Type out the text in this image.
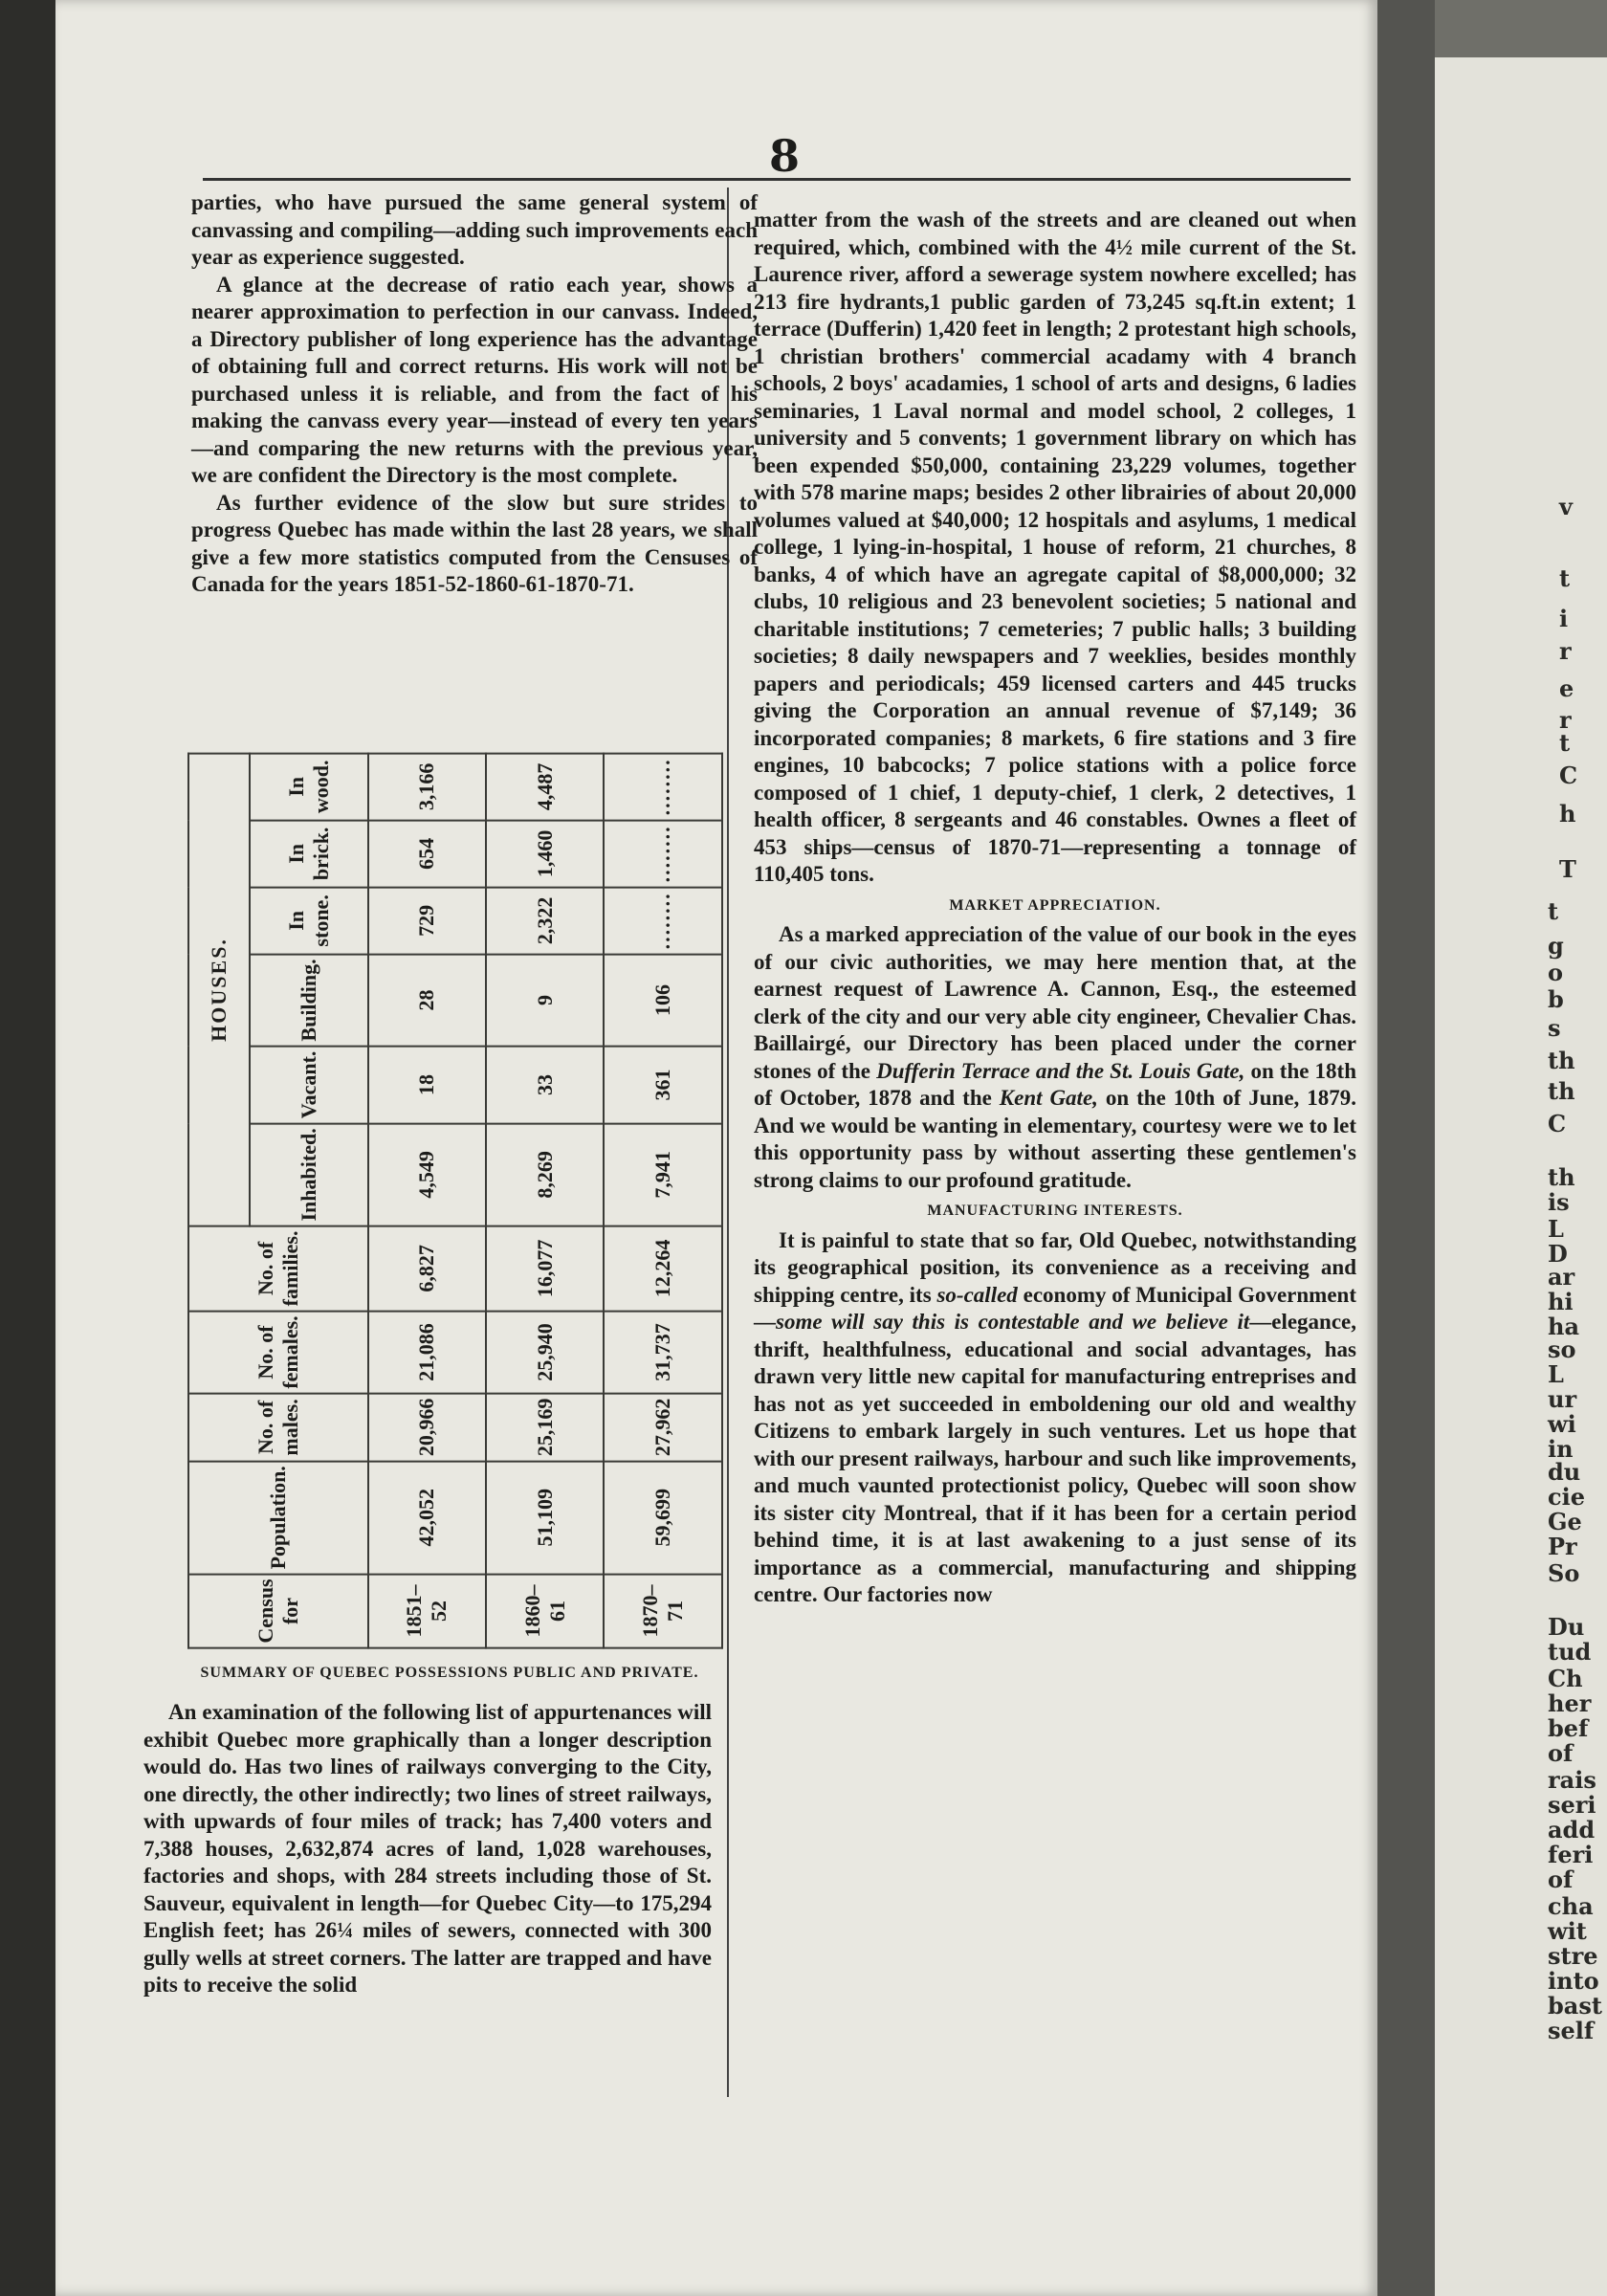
8

parties, who have pursued the same general system of canvassing and compiling—adding such improvements each year as experience suggested.

A glance at the decrease of ratio each year, shows a nearer approximation to perfection in our canvass. Indeed, a Directory publisher of long experience has the advantage of obtaining full and correct returns. His work will not be purchased unless it is reliable, and from the fact of his making the canvass every year—instead of every ten years—and comparing the new returns with the previous year, we are confident the Directory is the most complete.

As further evidence of the slow but sure strides to progress Quebec has made within the last 28 years, we shall give a few more statistics computed from the Censuses of Canada for the years 1851-52-1860-61-1870-71.

Census for	Population.	No. of males.	No. of females.	No. of families.	HOUSES.					
					Inhabited.	Vacant.	Building.	In stone.	In brick.	In wood.
1851–52	42,052	20,966	21,086	6,827	4,549	18	28	729	654	3,166
1860–61	51,109	25,169	25,940	16,077	8,269	33	9	2,322	1,460	4,487
1870–71	59,699	27,962	31,737	12,264	7,941	361	106	........	........	........
SUMMARY OF QUEBEC POSSESSIONS PUBLIC AND PRIVATE.

An examination of the following list of appurtenances will exhibit Quebec more graphically than a longer description would do. Has two lines of railways converging to the City, one directly, the other indirectly; two lines of street railways, with upwards of four miles of track; has 7,400 voters and 7,388 houses, 2,632,874 acres of land, 1,028 warehouses, factories and shops, with 284 streets including those of St. Sauveur, equivalent in length—for Quebec City—to 175,294 English feet; has 26¼ miles of sewers, connected with 300 gully wells at street corners. The latter are trapped and have pits to receive the solid

matter from the wash of the streets and are cleaned out when required, which, combined with the 4½ mile current of the St. Laurence river, afford a sewerage system nowhere excelled; has 213 fire hydrants,1 public garden of 73,245 sq.ft.in extent; 1 terrace (Dufferin) 1,420 feet in length; 2 protestant high schools, 1 christian brothers' commercial acadamy with 4 branch schools, 2 boys' acadamies, 1 school of arts and designs, 6 ladies seminaries, 1 Laval normal and model school, 2 colleges, 1 university and 5 convents; 1 government library on which has been expended $50,000, containing 23,229 volumes, together with 578 marine maps; besides 2 other librairies of about 20,000 volumes valued at $40,000; 12 hospitals and asylums, 1 medical college, 1 lying-in-hospital, 1 house of reform, 21 churches, 8 banks, 4 of which have an agregate capital of $8,000,000; 32 clubs, 10 religious and 23 benevolent societies; 5 national and charitable institutions; 7 cemeteries; 7 public halls; 3 building societies; 8 daily newspapers and 7 weeklies, besides monthly papers and periodicals; 459 licensed carters and 445 trucks giving the Corporation an annual revenue of $7,149; 36 incorporated companies; 8 markets, 6 fire stations and 3 fire engines, 10 babcocks; 7 police stations with a police force composed of 1 chief, 1 deputy-chief, 1 clerk, 2 detectives, 1 health officer, 8 sergeants and 46 constables. Ownes a fleet of 453 ships—census of 1870-71—representing a tonnage of 110,405 tons.

MARKET APPRECIATION.

As a marked appreciation of the value of our book in the eyes of our civic authorities, we may here mention that, at the earnest request of Lawrence A. Cannon, Esq., the esteemed clerk of the city and our very able city engineer, Chevalier Chas. Baillairgé, our Directory has been placed under the corner stones of the Dufferin Terrace and the St. Louis Gate, on the 18th of October, 1878 and the Kent Gate, on the 10th of June, 1879. And we would be wanting in elementary, courtesy were we to let this opportunity pass by without asserting these gentlemen's strong claims to our profound gratitude.

MANUFACTURING INTERESTS.

It is painful to state that so far, Old Quebec, notwithstanding its geographical position, its convenience as a receiving and shipping centre, its so-called economy of Municipal Government—some will say this is contestable and we believe it—elegance, thrift, healthfulness, educational and social advantages, has drawn very little new capital for manufacturing entreprises and has not as yet succeeded in emboldening our old and wealthy Citizens to embark largely in such ventures. Let us hope that with our present railways, harbour and such like improvements, and much vaunted protectionist policy, Quebec will soon show its sister city Montreal, that if it has been for a certain period behind time, it is at last awakening to a just sense of its importance as a commercial, manufacturing and shipping centre. Our factories now

v
t
i
r
e
r
t
C
h
T
t
g
o
b
s
th
th
C
th
is
L
D
ar
hi
ha
so
L
ur
wi
in
du
cie
Ge
Pr
So
Du
tud
Ch
her
bef
of
rais
seri
add
feri
of
cha
wit
stre
into
bast
self
